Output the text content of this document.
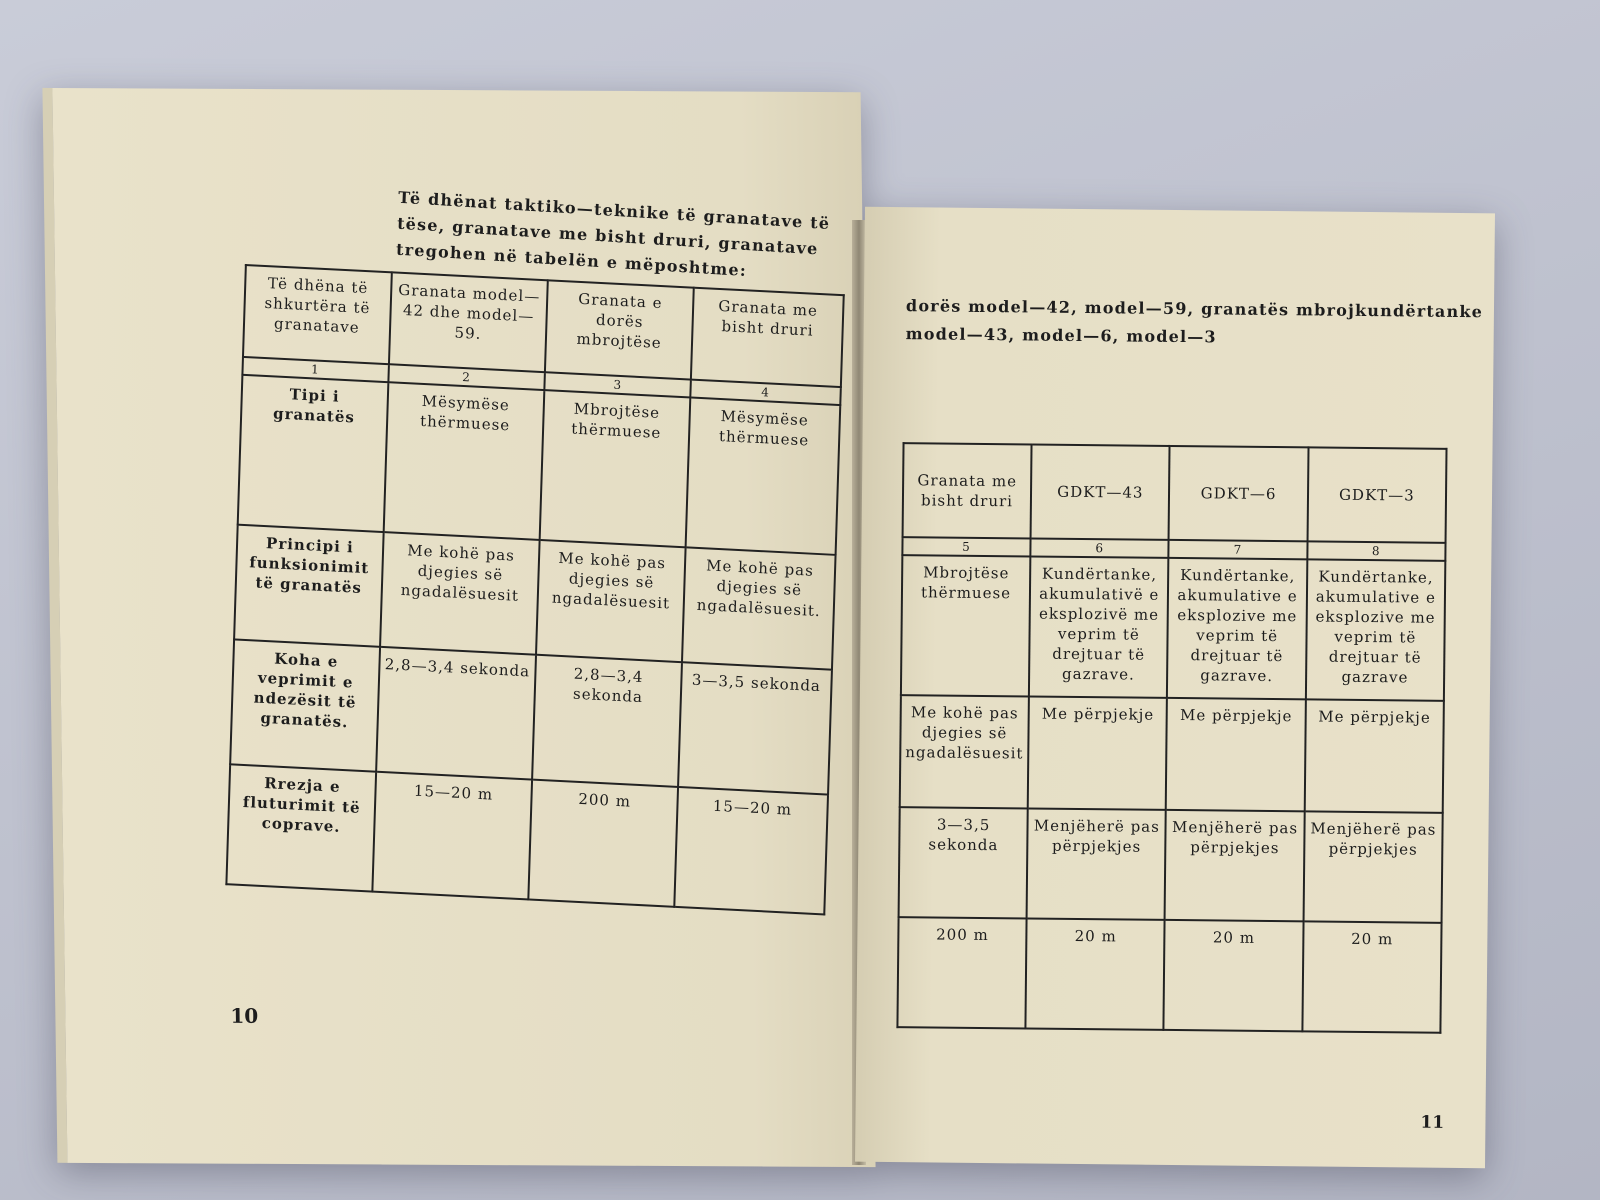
Të dhënat taktiko—teknike të granatave të tëse, granatave me bisht druri, granatave tregohen në tabelën e mëposhtme:
Të dhëna të shkurtëra të granatave	Granata model—42 dhe model—59.	Granata e dorës mbrojtëse	Granata me bisht druri
1	2	3	4
Tipi i granatës	Mësymëse thërmuese	Mbrojtëse thërmuese	Mësymëse thërmuese
Principi i funksionimit të granatës	Me kohë pas djegies së ngadalësuesit	Me kohë pas djegies së ngadalësuesit	Me kohë pas djegies së ngadalësuesit.
Koha e veprimit e ndezësit të granatës.	2,8—3,4 sekonda	2,8—3,4 sekonda	3—3,5 sekonda
Rrezja e fluturimit të coprave.	15—20 m	200 m	15—20 m
10
dorës model—42, model—59, granatës mbrojkundërtanke model—43, model—6, model—3
Granata me bisht druri	GDKT—43	GDKT—6	GDKT—3
5	6	7	8
Mbrojtëse thërmuese	Kundërtanke, akumulativë e eksplozivë me veprim të drejtuar të gazrave.	Kundërtanke, akumulative e eksplozive me veprim të drejtuar të gazrave.	Kundërtanke, akumulative e eksplozive me veprim të drejtuar të gazrave
Me kohë pas djegies së ngadalësuesit	Me përpjekje	Me përpjekje	Me përpjekje
3—3,5 sekonda	Menjëherë pas përpjekjes	Menjëherë pas përpjekjes	Menjëherë pas përpjekjes
200 m	20 m	20 m	20 m
11
